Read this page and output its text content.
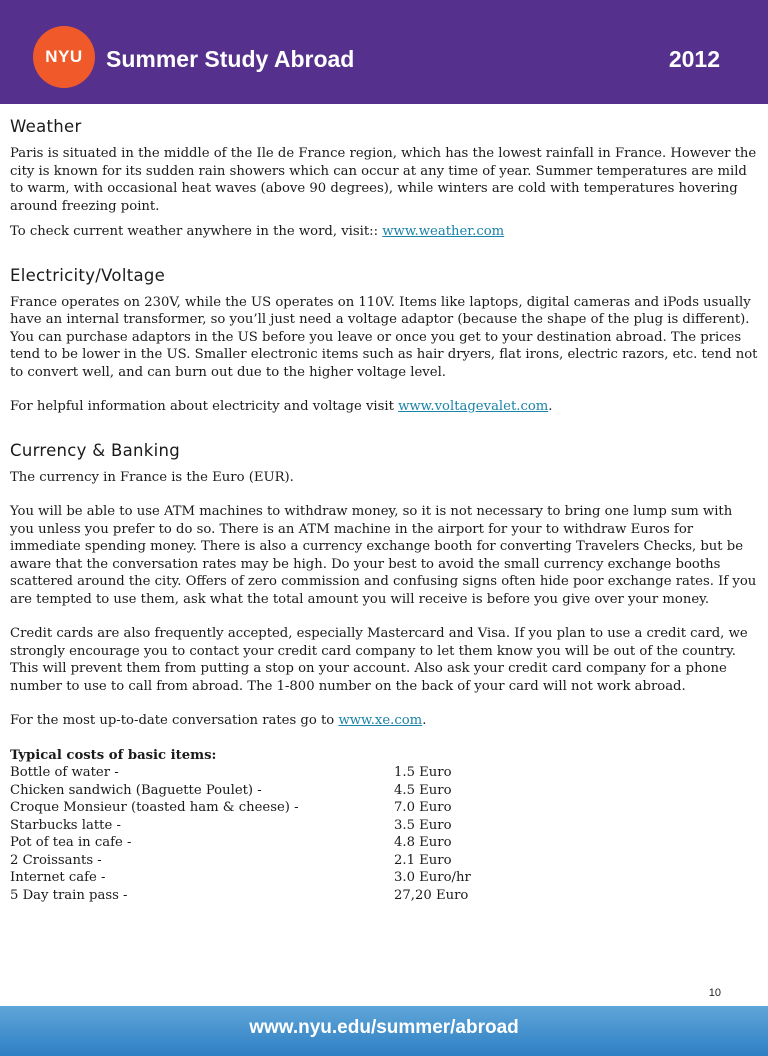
NYU	Summer Study Abroad	2012
Weather

Paris is situated in the middle of the Ile de France region, which has the lowest rainfall in France. However the city is known for its sudden rain showers which can occur at any time of year. Summer temperatures are mild to warm, with occasional heat waves (above 90 degrees), while winters are cold with temperatures hovering around freezing point.

To check current weather anywhere in the word, visit:: www.weather.com

Electricity/Voltage

France operates on 230V, while the US operates on 110V. Items like laptops, digital cameras and iPods usually have an internal transformer, so you’ll just need a voltage adaptor (because the shape of the plug is different). You can purchase adaptors in the US before you leave or once you get to your destination abroad. The prices tend to be lower in the US. Smaller electronic items such as hair dryers, flat irons, electric razors, etc. tend not to convert well, and can burn out due to the higher voltage level.

For helpful information about electricity and voltage visit www.voltagevalet.com.

Currency & Banking

The currency in France is the Euro (EUR).

You will be able to use ATM machines to withdraw money, so it is not necessary to bring one lump sum with you unless you prefer to do so. There is an ATM machine in the airport for your to withdraw Euros for immediate spending money. There is also a currency exchange booth for converting Travelers Checks, but be aware that the conversation rates may be high. Do your best to avoid the small currency exchange booths scattered around the city. Offers of zero commission and confusing signs often hide poor exchange rates. If you are tempted to use them, ask what the total amount you will receive is before you give over your money.

Credit cards are also frequently accepted, especially Mastercard and Visa. If you plan to use a credit card, we strongly encourage you to contact your credit card company to let them know you will be out of the country. This will prevent them from putting a stop on your account. Also ask your credit card company for a phone number to use to call from abroad. The 1-800 number on the back of your card will not work abroad.

For the most up-to-date conversation rates go to www.xe.com.

Typical costs of basic items:

Bottle of water -	1.5 Euro
Chicken sandwich (Baguette Poulet) -	4.5 Euro
Croque Monsieur (toasted ham & cheese) -	7.0 Euro
Starbucks latte -	3.5 Euro
Pot of tea in cafe -	4.8 Euro
2 Croissants -	2.1 Euro
Internet cafe -	3.0 Euro/hr
5 Day train pass -	27,20 Euro
10
www.nyu.edu/summer/abroad
